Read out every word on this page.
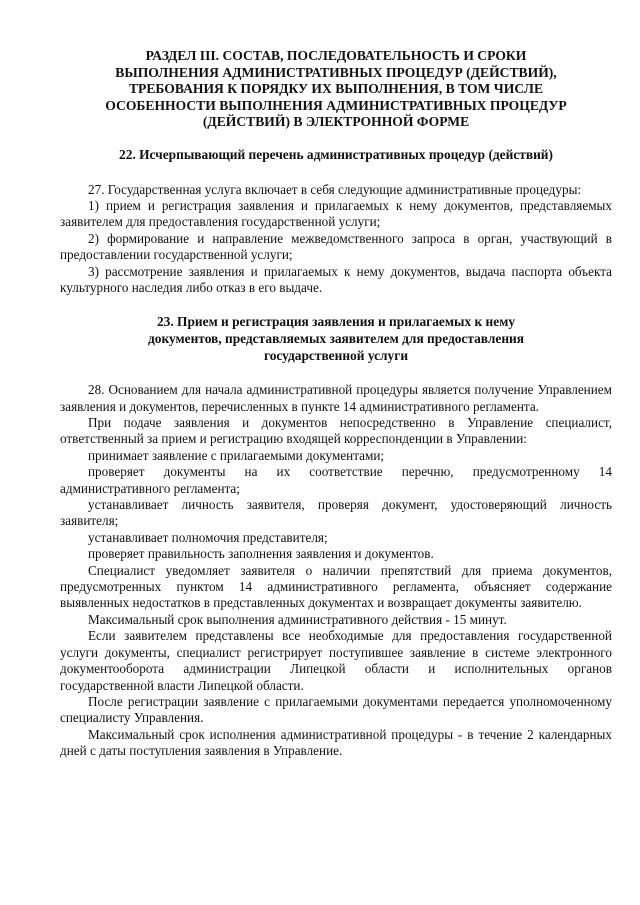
РАЗДЕЛ III. СОСТАВ, ПОСЛЕДОВАТЕЛЬНОСТЬ И СРОКИ
ВЫПОЛНЕНИЯ АДМИНИСТРАТИВНЫХ ПРОЦЕДУР (ДЕЙСТВИЙ),
ТРЕБОВАНИЯ К ПОРЯДКУ ИХ ВЫПОЛНЕНИЯ, В ТОМ ЧИСЛЕ
ОСОБЕННОСТИ ВЫПОЛНЕНИЯ АДМИНИСТРАТИВНЫХ ПРОЦЕДУР
(ДЕЙСТВИЙ) В ЭЛЕКТРОННОЙ ФОРМЕ
22. Исчерпывающий перечень административных процедур (действий)

27. Государственная услуга включает в себя следующие административные процедуры:

1) прием и регистрация заявления и прилагаемых к нему документов, представляемых заявителем для предоставления государственной услуги;

2) формирование и направление межведомственного запроса в орган, участвующий в предоставлении государственной услуги;

3) рассмотрение заявления и прилагаемых к нему документов, выдача паспорта объекта культурного наследия либо отказ в его выдаче.

23. Прием и регистрация заявления и прилагаемых к нему
документов, представляемых заявителем для предоставления
государственной услуги

28. Основанием для начала административной процедуры является получение Управлением заявления и документов, перечисленных в пункте 14 административного регламента.

При подаче заявления и документов непосредственно в Управление специалист, ответственный за прием и регистрацию входящей корреспонденции в Управлении:

принимает заявление с прилагаемыми документами;

проверяет документы на их соответствие перечню, предусмотренному 14 административного регламента;

устанавливает личность заявителя, проверяя документ, удостоверяющий личность заявителя;

устанавливает полномочия представителя;

проверяет правильность заполнения заявления и документов.

Специалист уведомляет заявителя о наличии препятствий для приема документов, предусмотренных пунктом 14 административного регламента, объясняет содержание выявленных недостатков в представленных документах и возвращает документы заявителю.

Максимальный срок выполнения административного действия - 15 минут.

Если заявителем представлены все необходимые для предоставления государственной услуги документы, специалист регистрирует поступившее заявление в системе электронного документооборота администрации Липецкой области и исполнительных органов государственной власти Липецкой области.

После регистрации заявление с прилагаемыми документами передается уполномоченному специалисту Управления.

Максимальный срок исполнения административной процедуры - в течение 2 календарных дней с даты поступления заявления в Управление.
